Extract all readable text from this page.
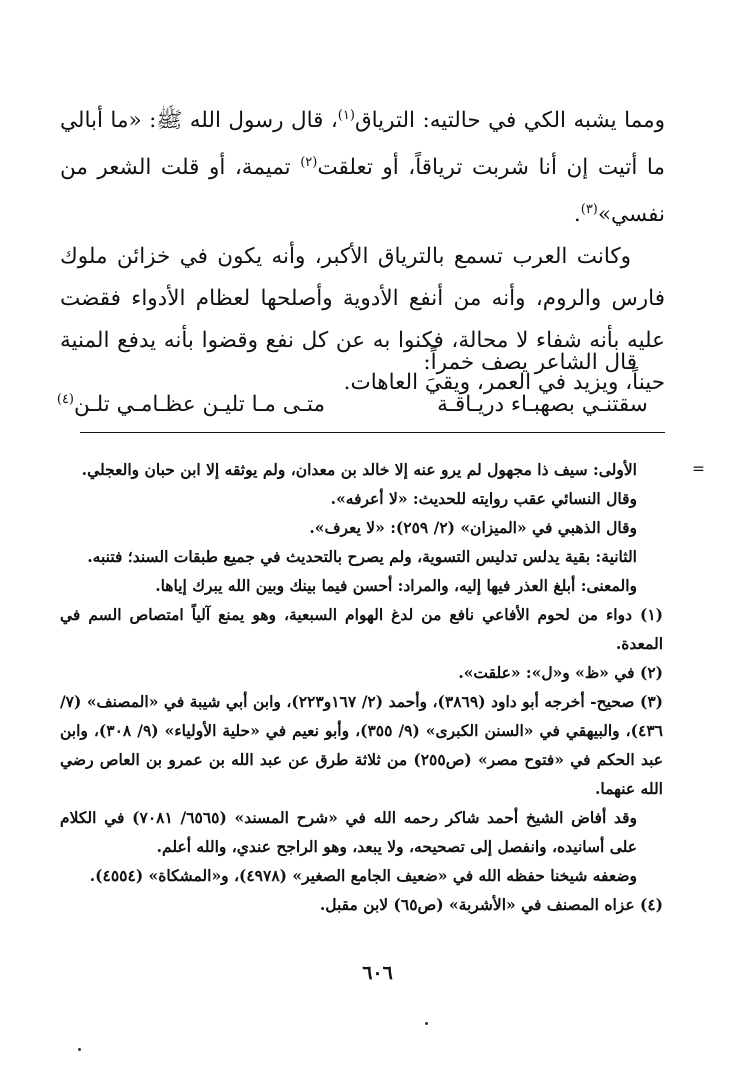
ومما يشبه الكي في حالتيه: الترياق$^{(١)}$، قال رسول الله ﷺ: «ما أبالي ما أتيت إن أنا شربت ترياقاً، أو تعلقت$^{(٢)}$ تميمة، أو قلت الشعر من نفسي»$^{(٣)}$.

وكانت العرب تسمع بالترياق الأكبر، وأنه يكون في خزائن ملوك فارس والروم، وأنه من أنفع الأدوية وأصلحها لعظام الأدواء فقضت عليه بأنه شفاء لا محالة، فكنوا به عن كل نفع وقضوا بأنه يدفع المنية حيناً، ويزيد في العمر، ويقيَ العاهات.

قال الشاعر يصف خمراً:
سقتنـي بصهبـاء دريـاقـة
متـى مـا تليـن عظـامـي تلـن$^{(٤)}$
=

الأولى: سيف ذا مجهول لم يرو عنه إلا خالد بن معدان، ولم يوثقه إلا ابن حبان والعجلي.

وقال النسائي عقب روايته للحديث: «لا أعرفه».

وقال الذهبي في «الميزان» (٢/ ٢٥٩): «لا يعرف».

الثانية: بقية يدلس تدليس التسوية، ولم يصرح بالتحديث في جميع طبقات السند؛ فتنبه.

والمعنى: أبلغ العذر فيها إليه، والمراد: أحسن فيما بينك وبين الله يبرك إياها.

(١) دواء من لحوم الأفاعي نافع من لدغ الهوام السبعية، وهو يمنع آلياً امتصاص السم في المعدة.

(٢) في «ظ» و«ل»: «علقت».

(٣) صحيح- أخرجه أبو داود (٣٨٦٩)، وأحمد (٢/ ١٦٧و٢٢٣)، وابن أبي شيبة في «المصنف» (٧/ ٤٣٦)، والبيهقي في «السنن الكبرى» (٩/ ٣٥٥)، وأبو نعيم في «حلية الأولياء» (٩/ ٣٠٨)، وابن عبد الحكم في «فتوح مصر» (ص٢٥٥) من ثلاثة طرق عن عبد الله بن عمرو بن العاص رضي الله عنهما.

وقد أفاض الشيخ أحمد شاكر رحمه الله في «شرح المسند» (٦٥٦٥/ ٧٠٨١) في الكلام على أسانيده، وانفصل إلى تصحيحه، ولا يبعد، وهو الراجح عندي، والله أعلم.

وضعفه شيخنا حفظه الله في «ضعيف الجامع الصغير» (٤٩٧٨)، و«المشكاة» (٤٥٥٤).

(٤) عزاه المصنف في «الأشربة» (ص٦٥) لابن مقبل.

٦٠٦
